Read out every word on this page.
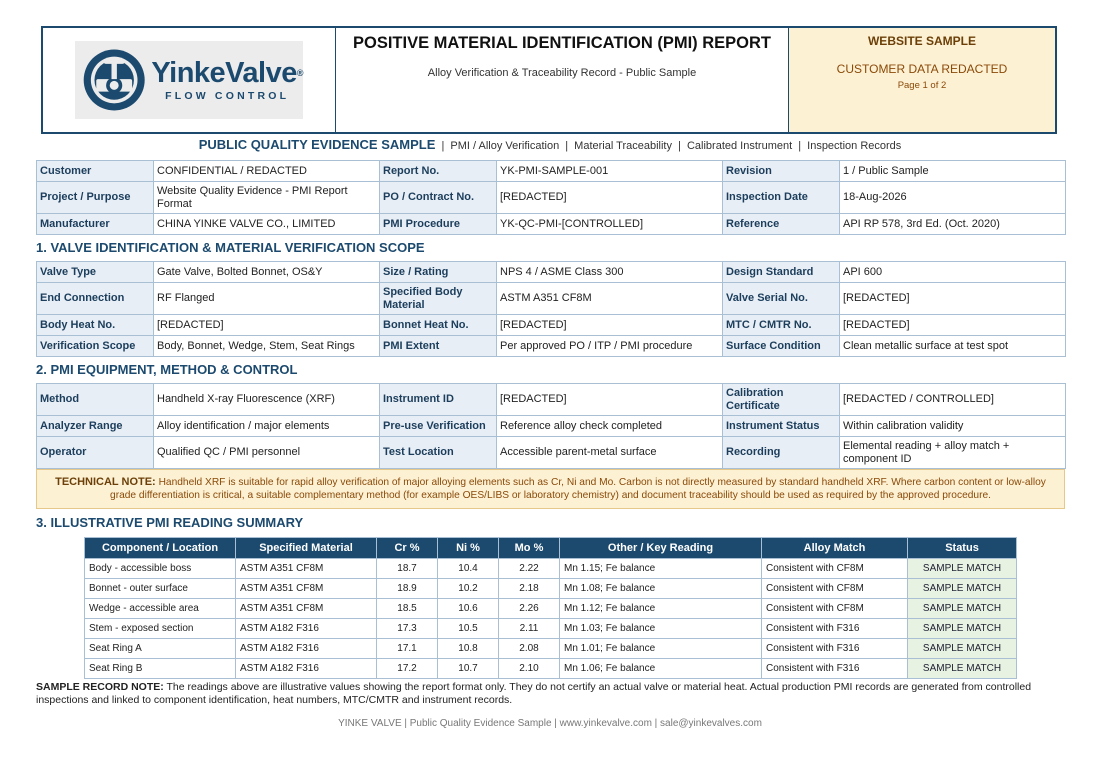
YinkeValve®
FLOW CONTROL
POSITIVE MATERIAL IDENTIFICATION (PMI) REPORT
Alloy Verification & Traceability Record - Public Sample
WEBSITE SAMPLE
CUSTOMER DATA REDACTED
Page 1 of 2
PUBLIC QUALITY EVIDENCE SAMPLE | PMI / Alloy Verification | Material Traceability | Calibrated Instrument | Inspection Records
Customer	CONFIDENTIAL / REDACTED	Report No.	YK-PMI-SAMPLE-001	Revision	1 / Public Sample
Project / Purpose	Website Quality Evidence - PMI Report Format	PO / Contract No.	[REDACTED]	Inspection Date	18-Aug-2026
Manufacturer	CHINA YINKE VALVE CO., LIMITED	PMI Procedure	YK-QC-PMI-[CONTROLLED]	Reference	API RP 578, 3rd Ed. (Oct. 2020)
1. VALVE IDENTIFICATION & MATERIAL VERIFICATION SCOPE
Valve Type	Gate Valve, Bolted Bonnet, OS&Y	Size / Rating	NPS 4 / ASME Class 300	Design Standard	API 600
End Connection	RF Flanged	Specified Body Material	ASTM A351 CF8M	Valve Serial No.	[REDACTED]
Body Heat No.	[REDACTED]	Bonnet Heat No.	[REDACTED]	MTC / CMTR No.	[REDACTED]
Verification Scope	Body, Bonnet, Wedge, Stem, Seat Rings	PMI Extent	Per approved PO / ITP / PMI procedure	Surface Condition	Clean metallic surface at test spot
2. PMI EQUIPMENT, METHOD & CONTROL
Method	Handheld X-ray Fluorescence (XRF)	Instrument ID	[REDACTED]	Calibration Certificate	[REDACTED / CONTROLLED]
Analyzer Range	Alloy identification / major elements	Pre-use Verification	Reference alloy check completed	Instrument Status	Within calibration validity
Operator	Qualified QC / PMI personnel	Test Location	Accessible parent-metal surface	Recording	Elemental reading + alloy match + component ID
TECHNICAL NOTE: Handheld XRF is suitable for rapid alloy verification of major alloying elements such as Cr, Ni and Mo. Carbon is not directly measured by standard handheld XRF. Where carbon content or low-alloy grade differentiation is critical, a suitable complementary method (for example OES/LIBS or laboratory chemistry) and document traceability should be used as required by the approved procedure.
3. ILLUSTRATIVE PMI READING SUMMARY
Component / Location	Specified Material	Cr %	Ni %	Mo %	Other / Key Reading	Alloy Match	Status
Body - accessible boss	ASTM A351 CF8M	18.7	10.4	2.22	Mn 1.15; Fe balance	Consistent with CF8M	SAMPLE MATCH
Bonnet - outer surface	ASTM A351 CF8M	18.9	10.2	2.18	Mn 1.08; Fe balance	Consistent with CF8M	SAMPLE MATCH
Wedge - accessible area	ASTM A351 CF8M	18.5	10.6	2.26	Mn 1.12; Fe balance	Consistent with CF8M	SAMPLE MATCH
Stem - exposed section	ASTM A182 F316	17.3	10.5	2.11	Mn 1.03; Fe balance	Consistent with F316	SAMPLE MATCH
Seat Ring A	ASTM A182 F316	17.1	10.8	2.08	Mn 1.01; Fe balance	Consistent with F316	SAMPLE MATCH
Seat Ring B	ASTM A182 F316	17.2	10.7	2.10	Mn 1.06; Fe balance	Consistent with F316	SAMPLE MATCH
SAMPLE RECORD NOTE: The readings above are illustrative values showing the report format only. They do not certify an actual valve or material heat. Actual production PMI records are generated from controlled inspections and linked to component identification, heat numbers, MTC/CMTR and instrument records.
YINKE VALVE | Public Quality Evidence Sample | www.yinkevalve.com | sale@yinkevalves.com
